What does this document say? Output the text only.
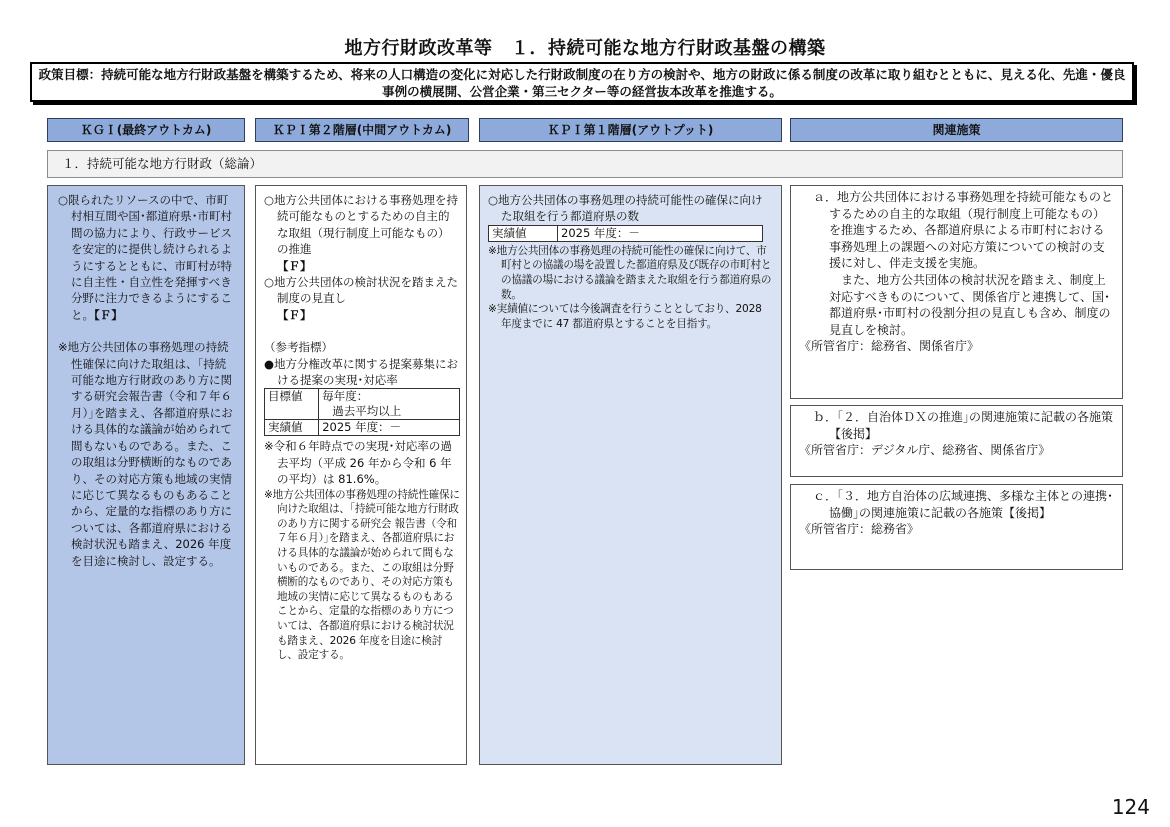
地方行財政改革等　１．持続可能な地方行財政基盤の構築
政策目標：持続可能な地方行財政基盤を構築するため、将来の人口構造の変化に対応した行財政制度の在り方の検討や、地方の財政に係る制度の改革に取り組むとともに、見える化、先進・優良事例の横展開、公営企業・第三セクター等の経営抜本改革を推進する。
ＫＧＩ(最終アウトカム)	ＫＰＩ第２階層(中間アウトカム)	ＫＰＩ第１階層(アウトプット)	関連施策
１．持続可能な地方行財政（総論）

○限られたリソースの中で、市町村相互間や国･都道府県･市町村間の協力により、行政サービスを安定的に提供し続けられるようにするとともに、市町村が特に自主性・自立性を発揮すべき分野に注力できるようにすること。【Ｆ】

※地方公共団体の事務処理の持続性確保に向けた取組は、｢持続可能な地方行財政のあり方に関する研究会報告書（令和７年６月）｣を踏まえ、各都道府県における具体的な議論が始められて間もないものである。また、この取組は分野横断的なものであり、その対応方策も地域の実情に応じて異なるものもあることから、定量的な指標のあり方については、各都道府県における検討状況も踏まえ、2026 年度を目途に検討し、設定する。

○地方公共団体における事務処理を持続可能なものとするための自主的な取組（現行制度上可能なもの）の推進
【Ｆ】

○地方公共団体の検討状況を踏まえた制度の見直し
【Ｆ】

（参考指標）

●地方分権改革に関する提案募集における提案の実現･対応率

目標値	毎年度：
過去平均以上
実績値	2025 年度：－

※令和６年時点での実現･対応率の過去平均（平成 26 年から令和 6 年の平均）は 81.6%。

※地方公共団体の事務処理の持続性確保に向けた取組は、｢持続可能な地方行財政のあり方に関する研究会 報告書（令和７年６月）｣を踏まえ、各都道府県における具体的な議論が始められて間もないものである。また、この取組は分野横断的なものであり、その対応方策も地域の実情に応じて異なるものもあることから、定量的な指標のあり方については、各都道府県における検討状況も踏まえ、2026 年度を目途に検討し、設定する。

○地方公共団体の事務処理の持続可能性の確保に向けた取組を行う都道府県の数

実績値	2025 年度：－

※地方公共団体の事務処理の持続可能性の確保に向けて、市町村との協議の場を設置した都道府県及び既存の市町村との協議の場における議論を踏まえた取組を行う都道府県の数。

※実績値については今後調査を行うこととしており、2028 年度までに 47 都道府県とすることを目指す。

ａ．地方公共団体における事務処理を持続可能なものとするための自主的な取組（現行制度上可能なもの）を推進するため、各都道府県による市町村における事務処理上の課題への対応方策についての検討の支援に対し、伴走支援を実施。

また、地方公共団体の検討状況を踏まえ、制度上対応すべきものについて、関係省庁と連携して、国･都道府県･市町村の役割分担の見直しも含め、制度の見直しを検討。

《所管省庁：総務省、関係省庁》

ｂ．｢２．自治体ＤＸの推進｣の関連施策に記載の各施策【後掲】

《所管省庁：デジタル庁、総務省、関係省庁》

ｃ．｢３．地方自治体の広域連携、多様な主体との連携･協働｣の関連施策に記載の各施策【後掲】

《所管省庁：総務省》

124
